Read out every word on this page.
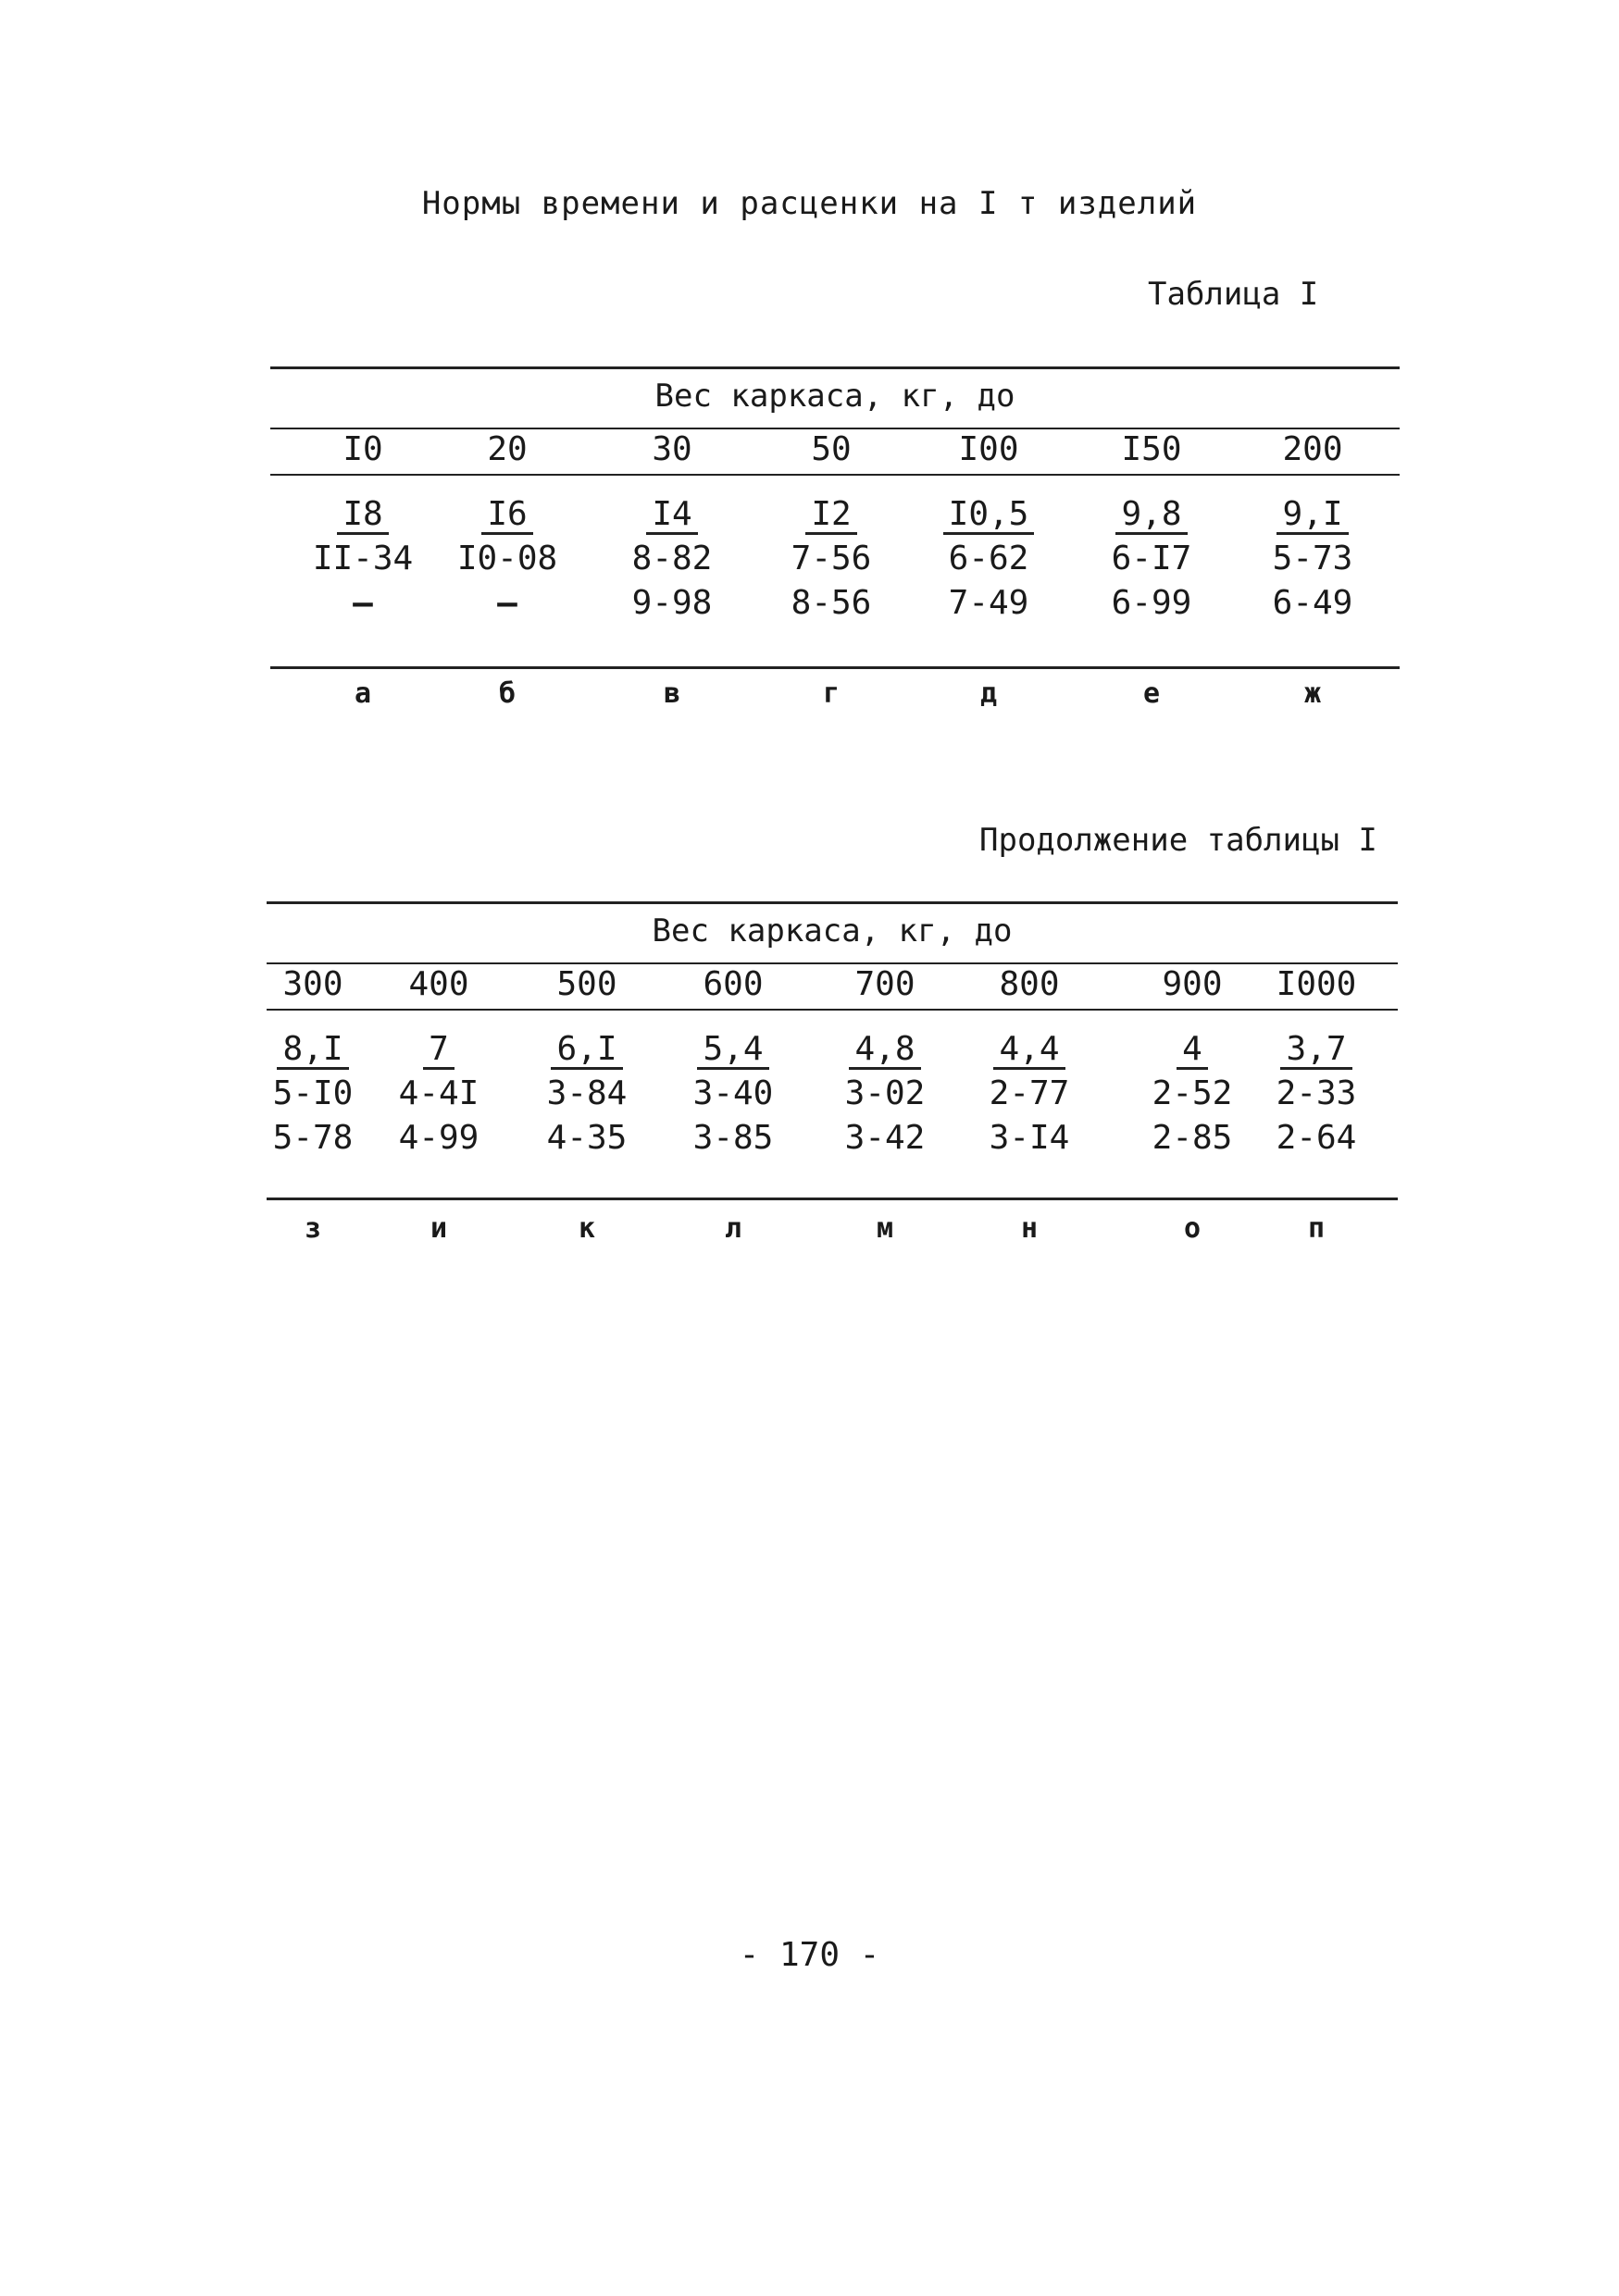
Нормы времени и расценки на I т изделий
Таблица I
Вес каркаса, кг, до
I0
I8
II-34
–
а
20
I6
I0-08
–
б
30
I4
8-82
9-98
в
50
I2
7-56
8-56
г
I00
I0,5
6-62
7-49
д
I50
9,8
6-I7
6-99
е
200
9,I
5-73
6-49
ж
Продолжение таблицы I
Вес каркаса, кг, до
300
8,I
5-I0
5-78
з
400
7
4-4I
4-99
и
500
6,I
3-84
4-35
к
600
5,4
3-40
3-85
л
700
4,8
3-02
3-42
м
800
4,4
2-77
3-I4
н
900
4
2-52
2-85
о
I000
3,7
2-33
2-64
п
- 170 -
